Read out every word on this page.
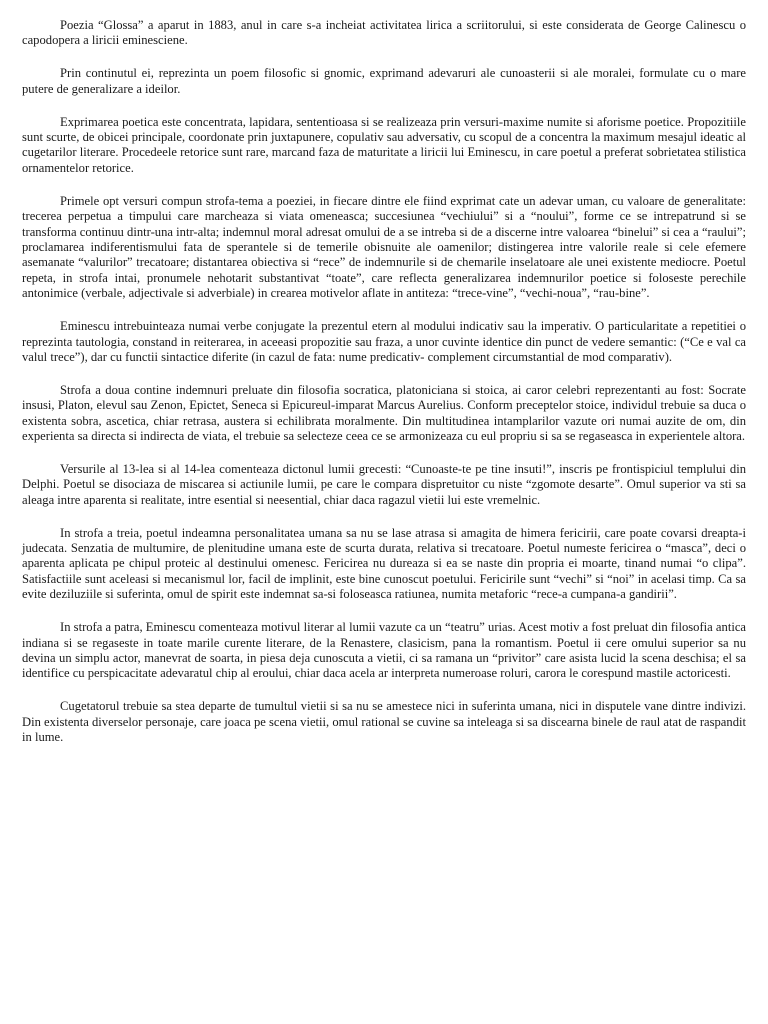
Poezia “Glossa” a aparut in 1883, anul in care s-a incheiat activitatea lirica a scriitorului, si este considerata de George Calinescu o capodopera a liricii eminesciene.

Prin continutul ei, reprezinta un poem filosofic si gnomic, exprimand adevaruri ale cunoasterii si ale moralei, formulate cu o mare putere de generalizare a ideilor.

Exprimarea poetica este concentrata, lapidara, sententioasa si se realizeaza prin versuri-maxime numite si aforisme poetice. Propozitiile sunt scurte, de obicei principale, coordonate prin juxtapunere, copulativ sau adversativ, cu scopul de a concentra la maximum mesajul ideatic al cugetarilor literare. Procedeele retorice sunt rare, marcand faza de maturitate a liricii lui Eminescu, in care poetul a preferat sobrietatea stilistica ornamentelor retorice.

Primele opt versuri compun strofa-tema a poeziei, in fiecare dintre ele fiind exprimat cate un adevar uman, cu valoare de generalitate: trecerea perpetua a timpului care marcheaza si viata omeneasca; succesiunea “vechiului” si a “noului”, forme ce se intrepatrund si se transforma continuu dintr-una intr-alta; indemnul moral adresat omului de a se intreba si de a discerne intre valoarea “binelui” si cea a “raului”; proclamarea indiferentismului fata de sperantele si de temerile obisnuite ale oamenilor; distingerea intre valorile reale si cele efemere asemanate “valurilor” trecatoare; distantarea obiectiva si “rece” de indemnurile si de chemarile inselatoare ale unei existente mediocre. Poetul repeta, in strofa intai, pronumele nehotarit substantivat “toate”, care reflecta generalizarea indemnurilor poetice si foloseste perechile antonimice (verbale, adjectivale si adverbiale) in crearea motivelor aflate in antiteza: “trece-vine”, “vechi-noua”, “rau-bine”.

Eminescu intrebuinteaza numai verbe conjugate la prezentul etern al modului indicativ sau la imperativ. O particularitate a repetitiei o reprezinta tautologia, constand in reiterarea, in aceeasi propozitie sau fraza, a unor cuvinte identice din punct de vedere semantic: (“Ce e val ca valul trece”), dar cu functii sintactice diferite (in cazul de fata: nume predicativ- complement circumstantial de mod comparativ).

Strofa a doua contine indemnuri preluate din filosofia socratica, platoniciana si stoica, ai caror celebri reprezentanti au fost: Socrate insusi, Platon, elevul sau Zenon, Epictet, Seneca si Epicureul-imparat Marcus Aurelius. Conform preceptelor stoice, individul trebuie sa duca o existenta sobra, ascetica, chiar retrasa, austera si echilibrata moralmente. Din multitudinea intamplarilor vazute ori numai auzite de om, din experienta sa directa si indirecta de viata, el trebuie sa selecteze ceea ce se armonizeaza cu eul propriu si sa se regaseasca in experientele altora.

Versurile al 13-lea si al 14-lea comenteaza dictonul lumii grecesti: “Cunoaste-te pe tine insuti!”, inscris pe frontispiciul templului din Delphi. Poetul se disociaza de miscarea si actiunile lumii, pe care le compara dispretuitor cu niste “zgomote desarte”. Omul superior va sti sa aleaga intre aparenta si realitate, intre esential si neesential, chiar daca ragazul vietii lui este vremelnic.

In strofa a treia, poetul indeamna personalitatea umana sa nu se lase atrasa si amagita de himera fericirii, care poate covarsi dreapta-i judecata. Senzatia de multumire, de plenitudine umana este de scurta durata, relativa si trecatoare. Poetul numeste fericirea o “masca”, deci o aparenta aplicata pe chipul proteic al destinului omenesc. Fericirea nu dureaza si ea se naste din propria ei moarte, tinand numai “o clipa”. Satisfactiile sunt aceleasi si mecanismul lor, facil de implinit, este bine cunoscut poetului. Fericirile sunt “vechi” si “noi” in acelasi timp. Ca sa evite deziluziile si suferinta, omul de spirit este indemnat sa-si foloseasca ratiunea, numita metaforic “rece-a cumpana-a gandirii”.

In strofa a patra, Eminescu comenteaza motivul literar al lumii vazute ca un “teatru” urias. Acest motiv a fost preluat din filosofia antica indiana si se regaseste in toate marile curente literare, de la Renastere, clasicism, pana la romantism. Poetul ii cere omului superior sa nu devina un simplu actor, manevrat de soarta, in piesa deja cunoscuta a vietii, ci sa ramana un “privitor” care asista lucid la scena deschisa; el sa identifice cu perspicacitate adevaratul chip al eroului, chiar daca acela ar interpreta numeroase roluri, carora le corespund mastile actoricesti.

Cugetatorul trebuie sa stea departe de tumultul vietii si sa nu se amestece nici in suferinta umana, nici in disputele vane dintre indivizi. Din existenta diverselor personaje, care joaca pe scena vietii, omul rational se cuvine sa inteleaga si sa discearna binele de raul atat de raspandit in lume.
